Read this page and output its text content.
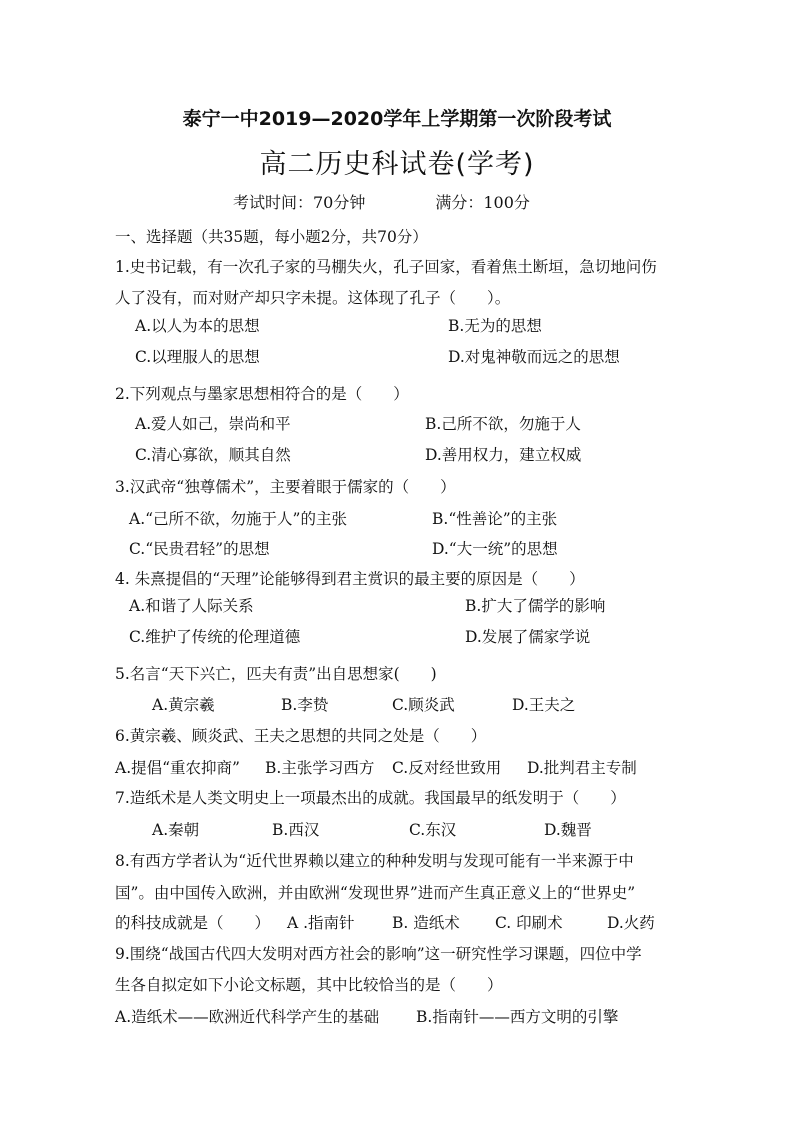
泰宁一中2019—2020学年上学期第一次阶段考试
高二历史科试卷(学考)
考试时间：70分钟	满分：100分
一、选择题（共35题，每小题2分，共70分）
1.史书记载，有一次孔子家的马棚失火，孔子回家，看着焦土断垣，急切地问伤
人了没有，而对财产却只字未提。这体现了孔子（　　）。
A.以人为本的思想	B.无为的思想
C.以理服人的思想	D.对鬼神敬而远之的思想
2.下列观点与墨家思想相符合的是（　　）
A.爱人如己，崇尚和平	B.己所不欲，勿施于人
C.清心寡欲，顺其自然	D.善用权力，建立权威
3.汉武帝“独尊儒术”，主要着眼于儒家的（　　）
A.“己所不欲，勿施于人”的主张	B.“性善论”的主张
C.“民贵君轻”的思想	D.“大一统”的思想
4. 朱熹提倡的“天理”论能够得到君主赏识的最主要的原因是（　　）
A.和谐了人际关系	B.扩大了儒学的影响
C.维护了传统的伦理道德	D.发展了儒家学说
5.名言“天下兴亡，匹夫有责”出自思想家(　　)
A.黄宗羲	B.李贽	C.顾炎武	D.王夫之
6.黄宗羲、顾炎武、王夫之思想的共同之处是（　　）
A.提倡“重农抑商” B.主张学习西方 C.反对经世致用 D.批判君主专制
7.造纸术是人类文明史上一项最杰出的成就。我国最早的纸发明于（　　）
A.秦朝	B.西汉	C.东汉	D.魏晋
8.有西方学者认为“近代世界赖以建立的种种发明与发现可能有一半来源于中
国”。由中国传入欧洲，并由欧洲“发现世界”进而产生真正意义上的“世界史”
的科技成就是（　　） A .指南针 B. 造纸术 C. 印刷术	D.火药
9.围绕“战国古代四大发明对西方社会的影响”这一研究性学习课题，四位中学
生各自拟定如下小论文标题，其中比较恰当的是（　　）
A.造纸术——欧洲近代科学产生的基础 B.指南针——西方文明的引擎
